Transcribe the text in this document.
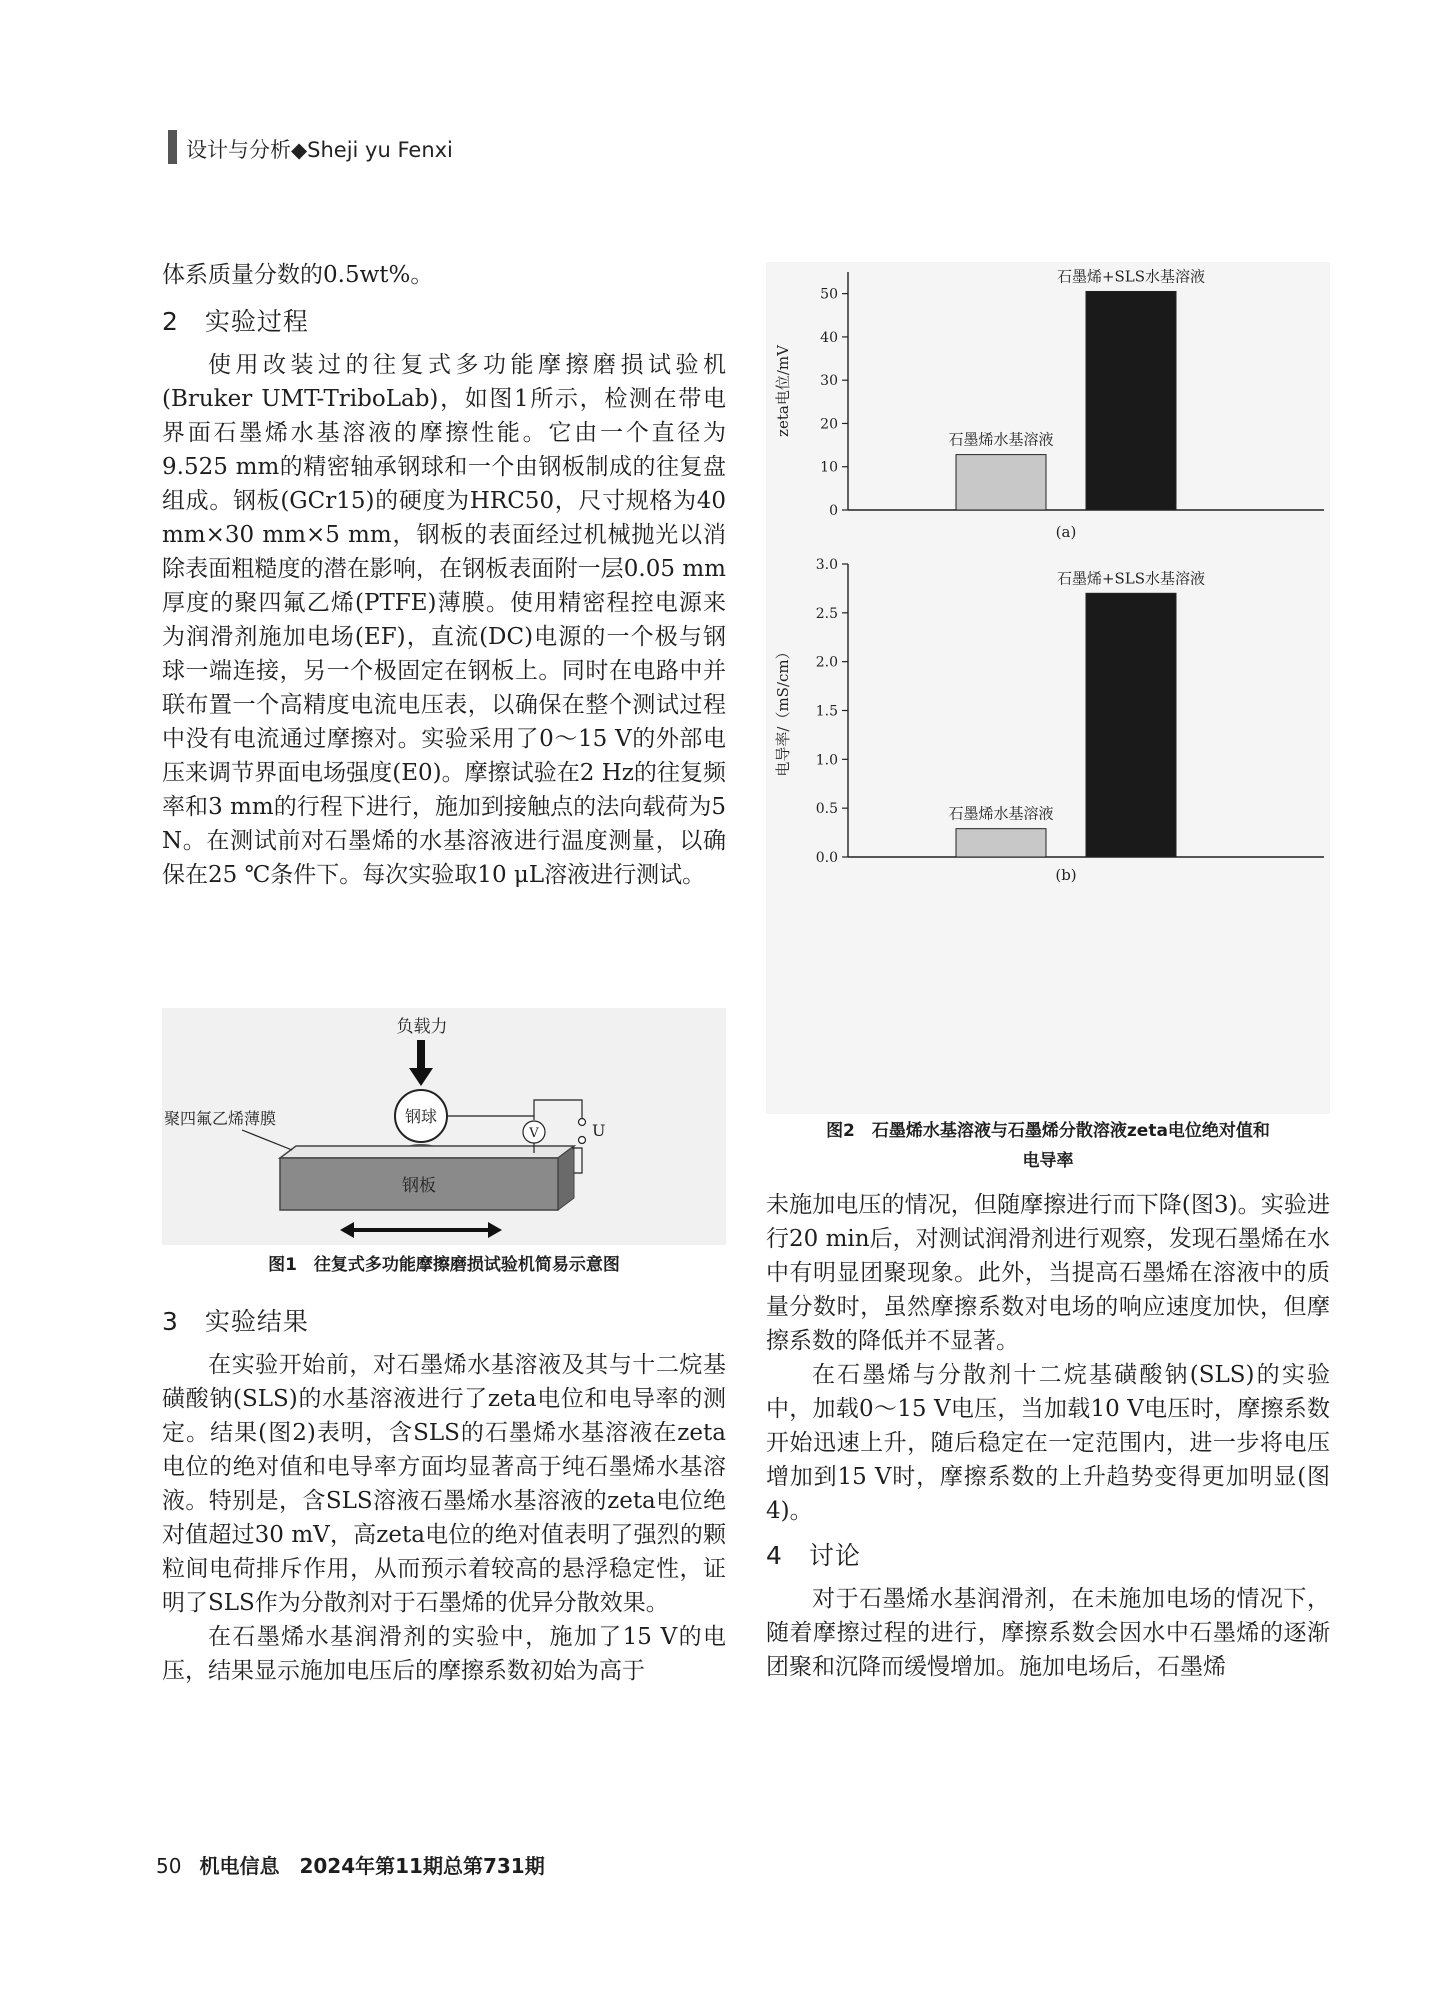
设计与分析◆Sheji yu Fenxi

体系质量分数的0.5wt%。

2　实验过程

使用改装过的往复式多功能摩擦磨损试验机(Bruker UMT-TriboLab)，如图1所示，检测在带电界面石墨烯水基溶液的摩擦性能。它由一个直径为9.525 mm的精密轴承钢球和一个由钢板制成的往复盘组成。钢板(GCr15)的硬度为HRC50，尺寸规格为40 mm×30 mm×5 mm，钢板的表面经过机械抛光以消除表面粗糙度的潜在影响，在钢板表面附一层0.05 mm厚度的聚四氟乙烯(PTFE)薄膜。使用精密程控电源来为润滑剂施加电场(EF)，直流(DC)电源的一个极与钢球一端连接，另一个极固定在钢板上。同时在电路中并联布置一个高精度电流电压表，以确保在整个测试过程中没有电流通过摩擦对。实验采用了0～15 V的外部电压来调节界面电场强度(E0)。摩擦试验在2 Hz的往复频率和3 mm的行程下进行，施加到接触点的法向载荷为5 N。在测试前对石墨烯的水基溶液进行温度测量，以确保在25 ℃条件下。每次实验取10 μL溶液进行测试。

负载力
钢球
钢板
聚四氟乙烯薄膜
V	U
图1　往复式多功能摩擦磨损试验机简易示意图

3　实验结果

在实验开始前，对石墨烯水基溶液及其与十二烷基磺酸钠(SLS)的水基溶液进行了zeta电位和电导率的测定。结果(图2)表明，含SLS的石墨烯水基溶液在zeta电位的绝对值和电导率方面均显著高于纯石墨烯水基溶液。特别是，含SLS溶液石墨烯水基溶液的zeta电位绝对值超过30 mV，高zeta电位的绝对值表明了强烈的颗粒间电荷排斥作用，从而预示着较高的悬浮稳定性，证明了SLS作为分散剂对于石墨烯的优异分散效果。

在石墨烯水基润滑剂的实验中，施加了15 V的电压，结果显示施加电压后的摩擦系数初始为高于

0
10
20
30
40
50
zeta电位/mV
石墨烯水基溶液
石墨烯+SLS水基溶液
(a)
0.0
0.5
1.0
1.5
2.0
2.5
3.0
电导率/（mS/cm）
石墨烯水基溶液
石墨烯+SLS水基溶液
(b)
图2　石墨烯水基溶液与石墨烯分散溶液zeta电位绝对值和
电导率

未施加电压的情况，但随摩擦进行而下降(图3)。实验进行20 min后，对测试润滑剂进行观察，发现石墨烯在水中有明显团聚现象。此外，当提高石墨烯在溶液中的质量分数时，虽然摩擦系数对电场的响应速度加快，但摩擦系数的降低并不显著。

在石墨烯与分散剂十二烷基磺酸钠(SLS)的实验中，加载0～15 V电压，当加载10 V电压时，摩擦系数开始迅速上升，随后稳定在一定范围内，进一步将电压增加到15 V时，摩擦系数的上升趋势变得更加明显(图4)。

4　讨论

对于石墨烯水基润滑剂，在未施加电场的情况下，随着摩擦过程的进行，摩擦系数会因水中石墨烯的逐渐团聚和沉降而缓慢增加。施加电场后，石墨烯

50 机电信息　2024年第11期总第731期
